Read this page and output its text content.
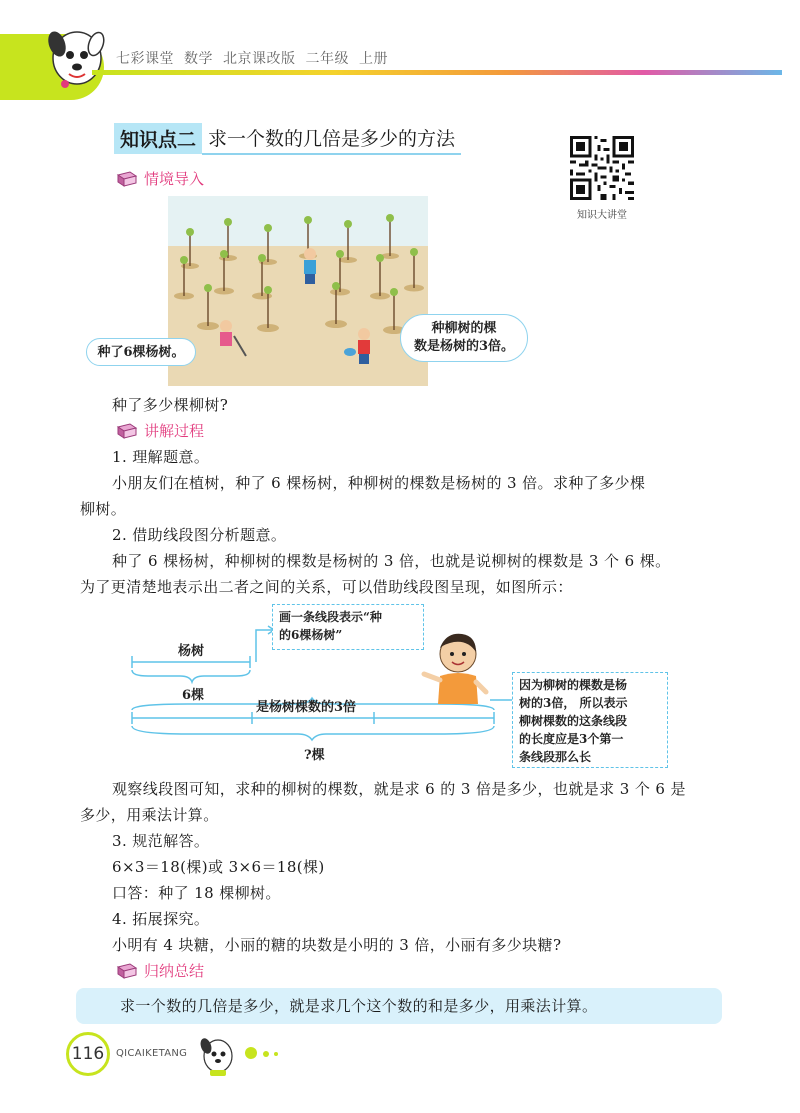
七彩课堂 数学 北京课改版 二年级 上册
知识点二 求一个数的几倍是多少的方法
知识大讲堂
情境导入
种了6棵杨树。
种柳树的棵
数是杨树的3倍。
种了多少棵柳树?
讲解过程
1. 理解题意。
小朋友们在植树，种了 6 棵杨树，种柳树的棵数是杨树的 3 倍。求种了多少棵
柳树。
2. 借助线段图分析题意。
种了 6 棵杨树，种柳树的棵数是杨树的 3 倍，也就是说柳树的棵数是 3 个 6 棵。
为了更清楚地表示出二者之间的关系，可以借助线段图呈现，如图所示：
杨树
6棵
是杨树棵数的3倍
?棵
画一条线段表示“种
的6棵杨树”
因为柳树的棵数是杨
树的3倍， 所以表示
柳树棵数的这条线段
的长度应是3个第一
条线段那么长
观察线段图可知，求种的柳树的棵数，就是求 6 的 3 倍是多少，也就是求 3 个 6 是
多少，用乘法计算。
3. 规范解答。
6×3＝18(棵)或 3×6＝18(棵)
口答：种了 18 棵柳树。
4. 拓展探究。
小明有 4 块糖，小丽的糖的块数是小明的 3 倍，小丽有多少块糖?
归纳总结
求一个数的几倍是多少，就是求几个这个数的和是多少，用乘法计算。
116	QICAIKETANG
